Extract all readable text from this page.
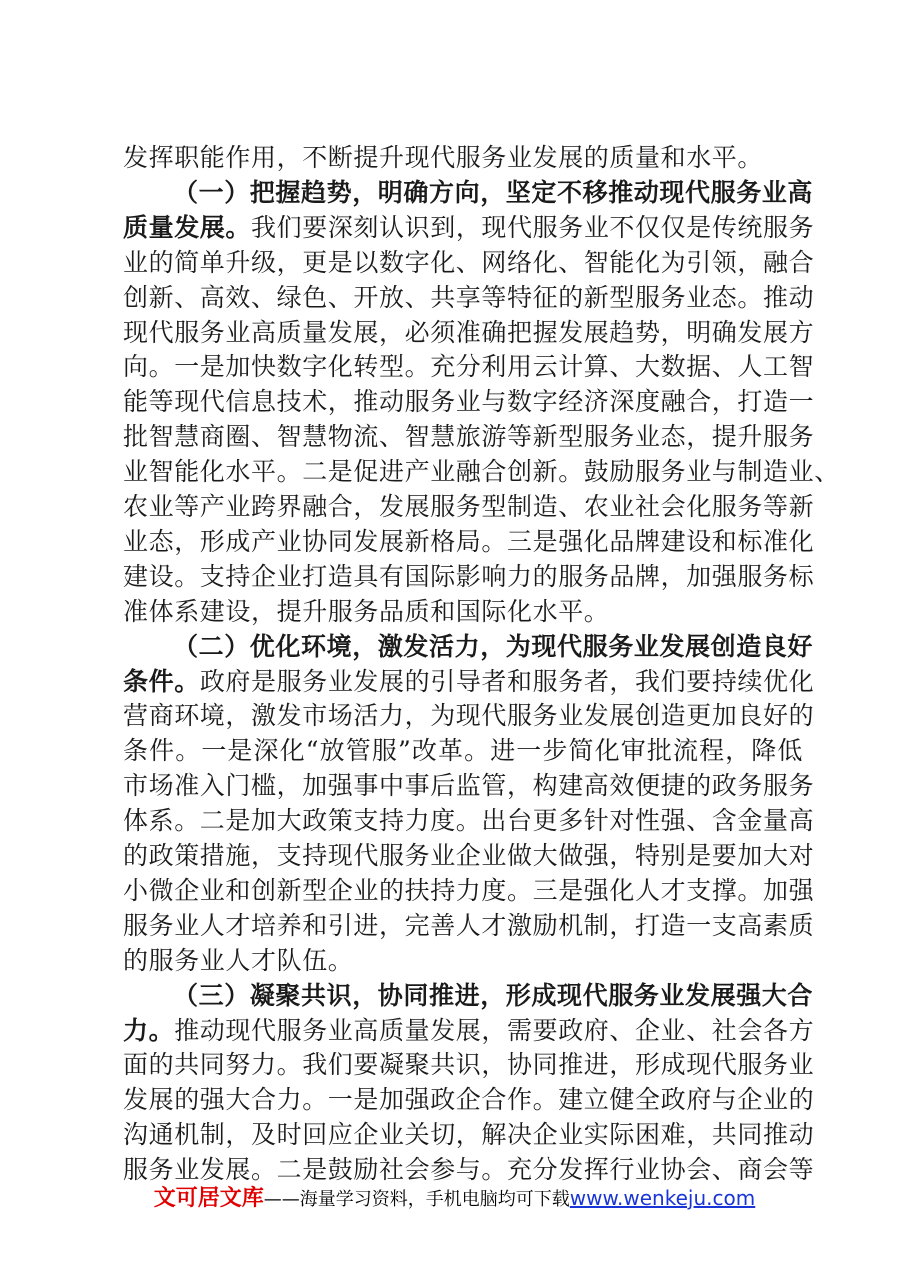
发挥职能作用，不断提升现代服务业发展的质量和水平。
（一）把握趋势，明确方向，坚定不移推动现代服务业高
质量发展。我们要深刻认识到，现代服务业不仅仅是传统服务
业的简单升级，更是以数字化、网络化、智能化为引领，融合
创新、高效、绿色、开放、共享等特征的新型服务业态。推动
现代服务业高质量发展，必须准确把握发展趋势，明确发展方
向。一是加快数字化转型。充分利用云计算、大数据、人工智
能等现代信息技术，推动服务业与数字经济深度融合，打造一
批智慧商圈、智慧物流、智慧旅游等新型服务业态，提升服务
业智能化水平。二是促进产业融合创新。鼓励服务业与制造业、
农业等产业跨界融合，发展服务型制造、农业社会化服务等新
业态，形成产业协同发展新格局。三是强化品牌建设和标准化
建设。支持企业打造具有国际影响力的服务品牌，加强服务标
准体系建设，提升服务品质和国际化水平。
（二）优化环境，激发活力，为现代服务业发展创造良好
条件。政府是服务业发展的引导者和服务者，我们要持续优化
营商环境，激发市场活力，为现代服务业发展创造更加良好的
条件。一是深化“放管服”改革。进一步简化审批流程，降低
市场准入门槛，加强事中事后监管，构建高效便捷的政务服务
体系。二是加大政策支持力度。出台更多针对性强、含金量高
的政策措施，支持现代服务业企业做大做强，特别是要加大对
小微企业和创新型企业的扶持力度。三是强化人才支撑。加强
服务业人才培养和引进，完善人才激励机制，打造一支高素质
的服务业人才队伍。
（三）凝聚共识，协同推进，形成现代服务业发展强大合
力。推动现代服务业高质量发展，需要政府、企业、社会各方
面的共同努力。我们要凝聚共识，协同推进，形成现代服务业
发展的强大合力。一是加强政企合作。建立健全政府与企业的
沟通机制，及时回应企业关切，解决企业实际困难，共同推动
服务业发展。二是鼓励社会参与。充分发挥行业协会、商会等
文可居文库——海量学习资料，手机电脑均可下载www.wenkeju.com
